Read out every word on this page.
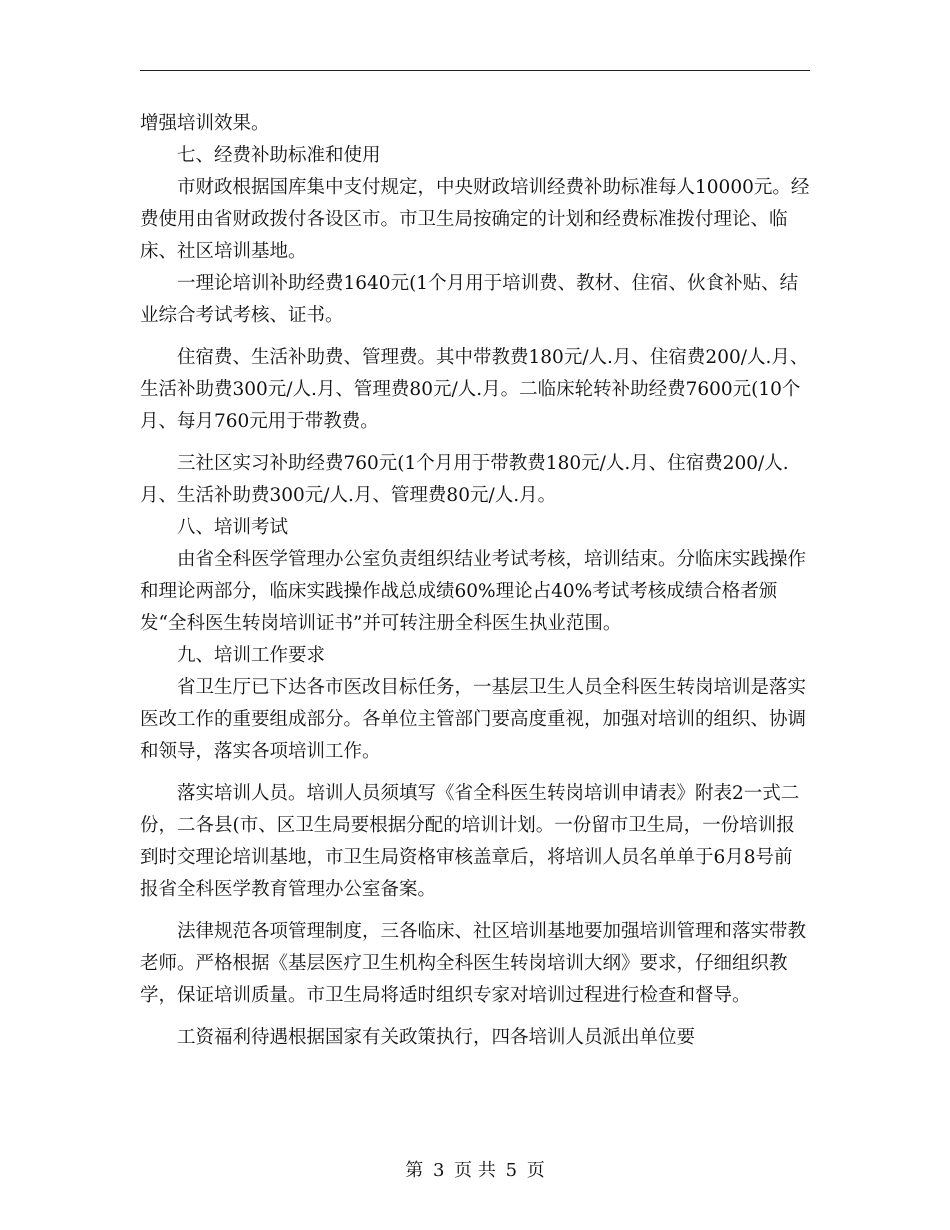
增强培训效果。

七、经费补助标准和使用

市财政根据国库集中支付规定，中央财政培训经费补助标准每人10000元。经费使用由省财政拨付各设区市。市卫生局按确定的计划和经费标准拨付理论、临床、社区培训基地。

一理论培训补助经费1640元(1个月用于培训费、教材、住宿、伙食补贴、结业综合考试考核、证书。

住宿费、生活补助费、管理费。其中带教费180元/人.月、住宿费200/人.月、生活补助费300元/人.月、管理费80元/人.月。二临床轮转补助经费7600元(10个月、每月760元用于带教费。

三社区实习补助经费760元(1个月用于带教费180元/人.月、住宿费200/人.月、生活补助费300元/人.月、管理费80元/人.月。

八、培训考试

由省全科医学管理办公室负责组织结业考试考核，培训结束。分临床实践操作和理论两部分，临床实践操作战总成绩60%理论占40%考试考核成绩合格者颁发“全科医生转岗培训证书”并可转注册全科医生执业范围。

九、培训工作要求

省卫生厅已下达各市医改目标任务，一基层卫生人员全科医生转岗培训是落实医改工作的重要组成部分。各单位主管部门要高度重视，加强对培训的组织、协调和领导，落实各项培训工作。

落实培训人员。培训人员须填写《省全科医生转岗培训申请表》附表2一式二份，二各县(市、区卫生局要根据分配的培训计划。一份留市卫生局，一份培训报到时交理论培训基地，市卫生局资格审核盖章后，将培训人员名单单于6月8号前报省全科医学教育管理办公室备案。

法律规范各项管理制度，三各临床、社区培训基地要加强培训管理和落实带教老师。严格根据《基层医疗卫生机构全科医生转岗培训大纲》要求，仔细组织教学，保证培训质量。市卫生局将适时组织专家对培训过程进行检查和督导。

工资福利待遇根据国家有关政策执行，四各培训人员派出单位要

第 3 页 共 5 页
